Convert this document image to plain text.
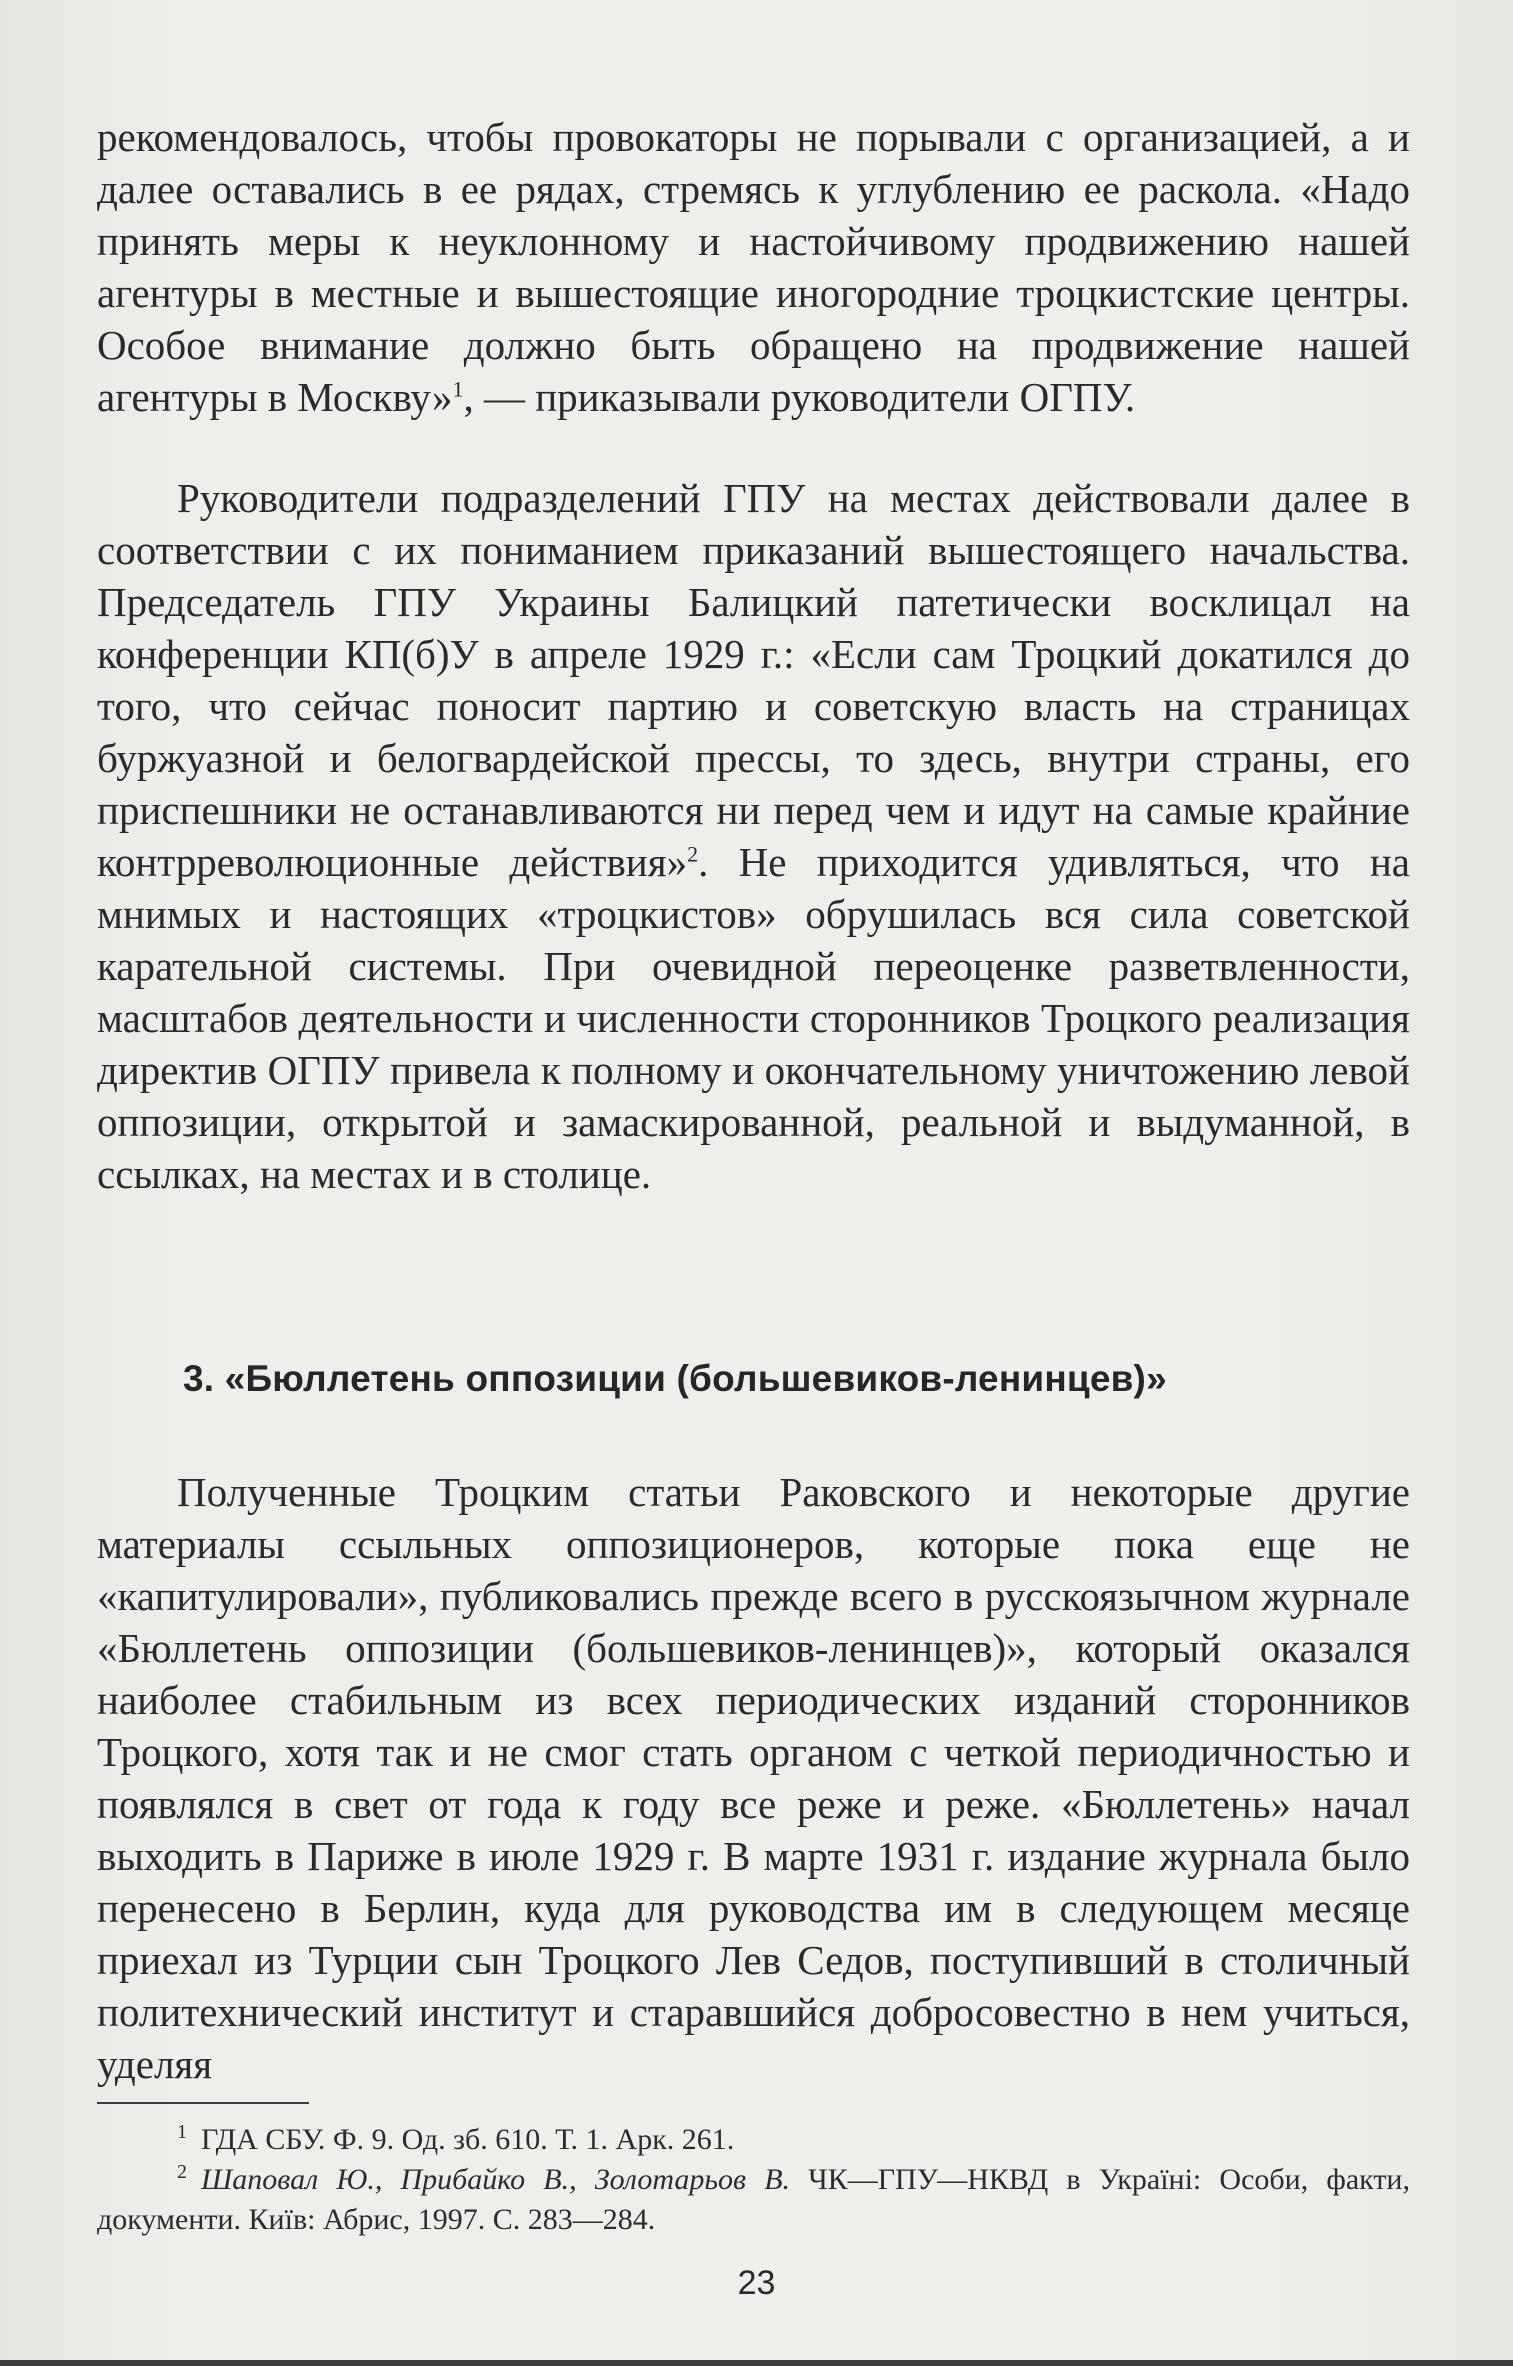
рекомендовалось, чтобы провокаторы не порывали с организацией, а и далее оставались в ее рядах, стремясь к углублению ее раскола. «Надо принять меры к неуклонному и настойчивому продвижению нашей агентуры в местные и вышестоящие иногородние троцкистские центры. Особое внимание должно быть обращено на продвижение нашей агентуры в Москву»$^1$, — приказывали руководители ОГПУ.

Руководители подразделений ГПУ на местах действовали далее в соответствии с их пониманием приказаний вышестоящего начальства. Председатель ГПУ Украины Балицкий патетически восклицал на конференции КП(б)У в апреле 1929 г.: «Если сам Троцкий докатился до того, что сейчас поносит партию и советскую власть на страницах буржуазной и белогвардейской прессы, то здесь, внутри страны, его приспешники не останавливаются ни перед чем и идут на самые крайние контрреволюционные действия»$^2$. Не приходится удивляться, что на мнимых и настоящих «троцкистов» обрушилась вся сила советской карательной системы. При очевидной переоценке разветвленности, масштабов деятельности и численности сторонников Троцкого реализация директив ОГПУ привела к полному и окончательному уничтожению левой оппозиции, открытой и замаскированной, реальной и выдуманной, в ссылках, на местах и в столице.

3. «Бюллетень оппозиции (большевиков-ленинцев)»

Полученные Троцким статьи Раковского и некоторые другие материалы ссыльных оппозиционеров, которые пока еще не «капитулировали», публиковались прежде всего в русскоязычном журнале «Бюллетень оппозиции (большевиков-ленинцев)», который оказался наиболее стабильным из всех периодических изданий сторонников Троцкого, хотя так и не смог стать органом с четкой периодичностью и появлялся в свет от года к году все реже и реже. «Бюллетень» начал выходить в Париже в июле 1929 г. В марте 1931 г. издание журнала было перенесено в Берлин, куда для руководства им в следующем месяце приехал из Турции сын Троцкого Лев Седов, поступивший в столичный политехнический институт и старавшийся добросовестно в нем учиться, уделяя

$^1$ ГДА СБУ. Ф. 9. Од. зб. 610. Т. 1. Арк. 261.

$^2$ Шаповал Ю., Прибайко В., Золотарьов В. ЧК—ГПУ—НКВД в Україні: Особи, факти, документи. Київ: Абрис, 1997. С. 283—284.

23
